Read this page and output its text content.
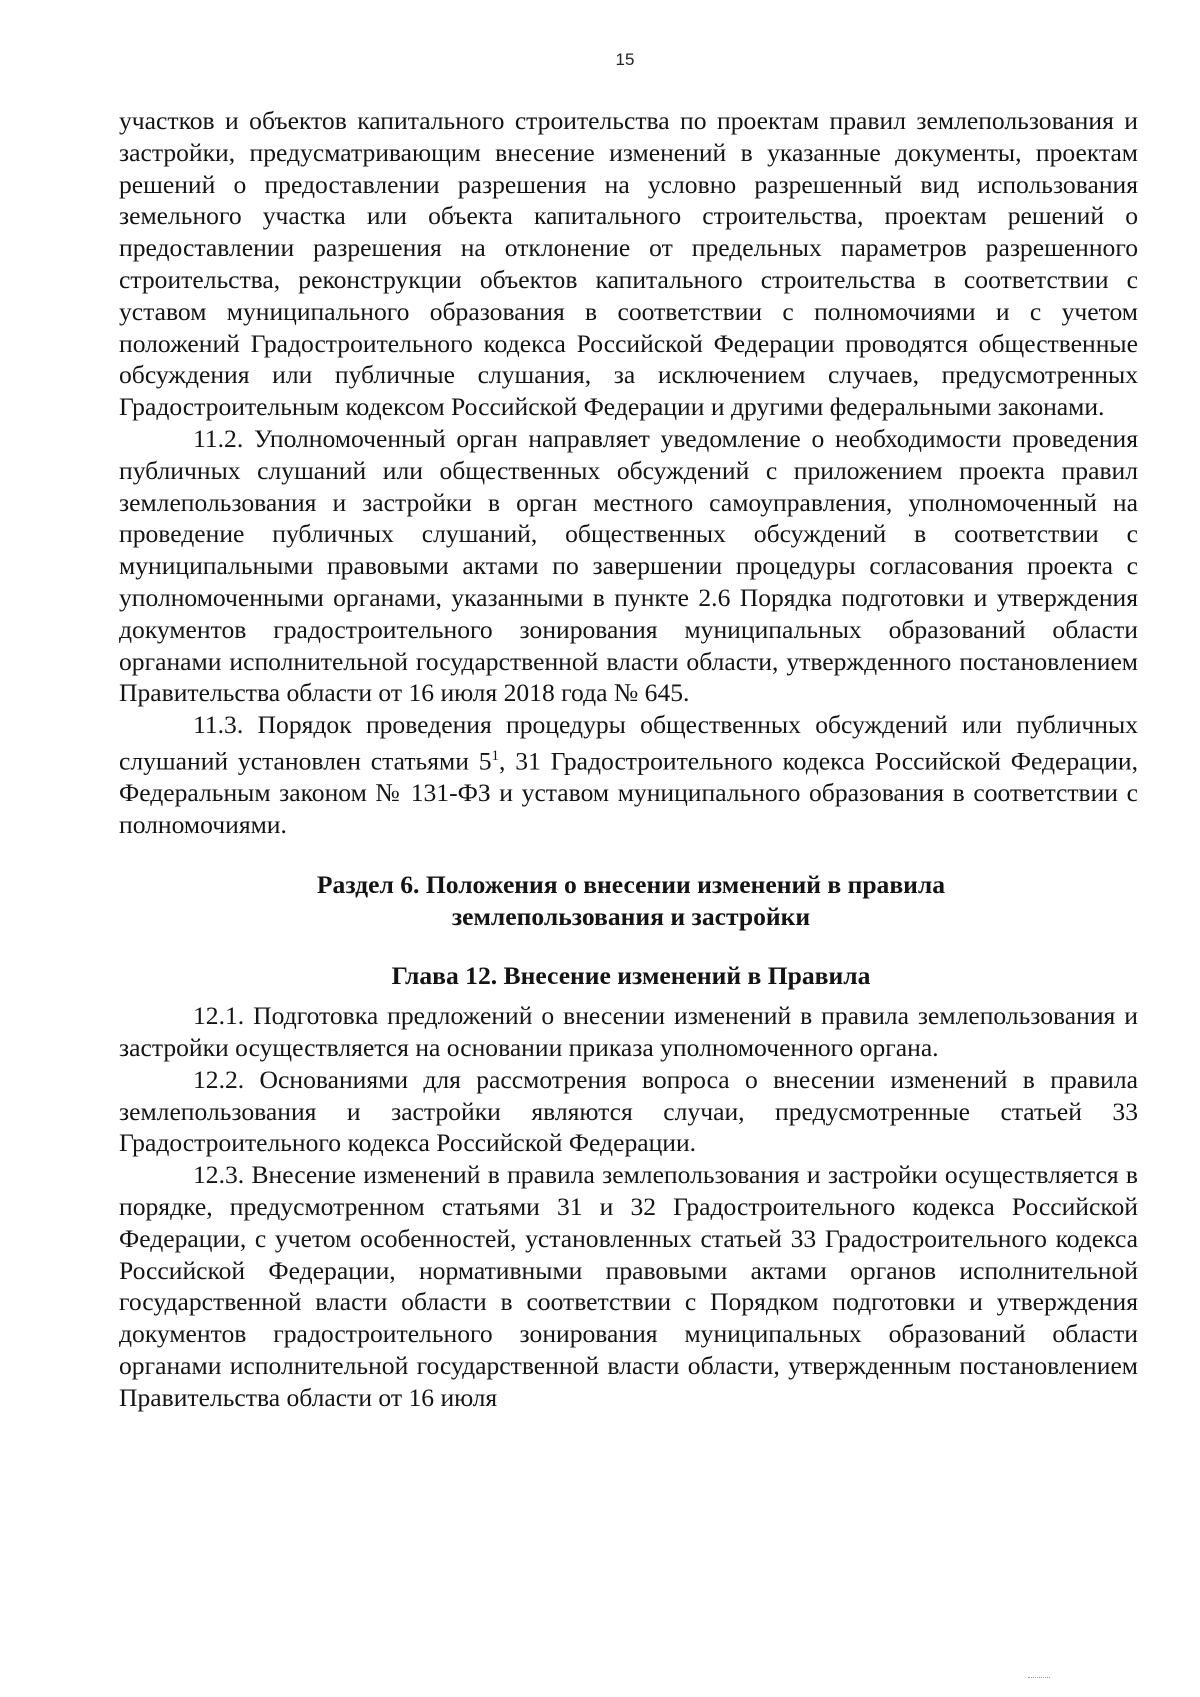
15

участков и объектов капитального строительства по проектам правил землепользования и застройки, предусматривающим внесение изменений в указанные документы, проектам решений о предоставлении разрешения на условно разрешенный вид использования земельного участка или объекта капитального строительства, проектам решений о предоставлении разрешения на отклонение от предельных параметров разрешенного строительства, реконструкции объектов капитального строительства в соответствии с уставом муниципального образования в соответствии с полномочиями и с учетом положений Градостроительного кодекса Российской Федерации проводятся общественные обсуждения или публичные слушания, за исключением случаев, предусмотренных Градостроительным кодексом Российской Федерации и другими федеральными законами.

11.2. Уполномоченный орган направляет уведомление о необходимости проведения публичных слушаний или общественных обсуждений с приложением проекта правил землепользования и застройки в орган местного самоуправления, уполномоченный на проведение публичных слушаний, общественных обсуждений в соответствии с муниципальными правовыми актами по завершении процедуры согласования проекта с уполномоченными органами, указанными в пункте 2.6 Порядка подготовки и утверждения документов градостроительного зонирования муниципальных образований области органами исполнительной государственной власти области, утвержденного постановлением Правительства области от 16 июля 2018 года № 645.

11.3. Порядок проведения процедуры общественных обсуждений или публичных слушаний установлен статьями $5^1$, 31 Градостроительного кодекса Российской Федерации, Федеральным законом № 131-ФЗ и уставом муниципального образования в соответствии с полномочиями.

Раздел 6. Положения о внесении изменений в правила
землепользования и застройки
Глава 12. Внесение изменений в Правила

12.1. Подготовка предложений о внесении изменений в правила землепользования и застройки осуществляется на основании приказа уполномоченного органа.

12.2. Основаниями для рассмотрения вопроса о внесении изменений в правила землепользования и застройки являются случаи, предусмотренные статьей 33 Градостроительного кодекса Российской Федерации.

12.3. Внесение изменений в правила землепользования и застройки осуществляется в порядке, предусмотренном статьями 31 и 32 Градостроительного кодекса Российской Федерации, с учетом особенностей, установленных статьей 33 Градостроительного кодекса Российской Федерации, нормативными правовыми актами органов исполнительной государственной власти области в соответствии с Порядком подготовки и утверждения документов градостроительного зонирования муниципальных образований области органами исполнительной государственной власти области, утвержденным постановлением Правительства области от 16 июля
